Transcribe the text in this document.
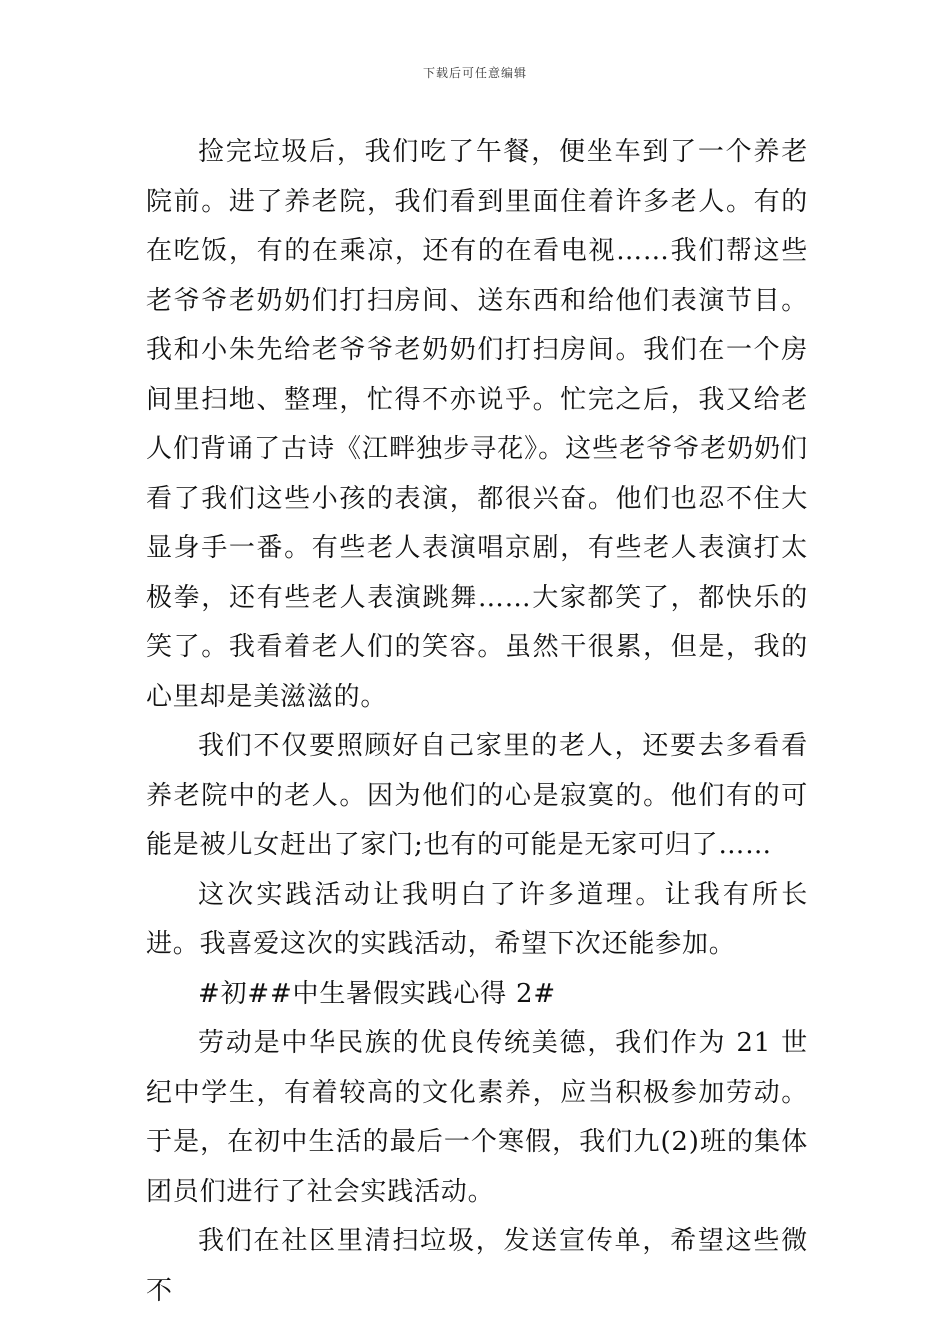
下载后可任意编辑

捡完垃圾后，我们吃了午餐，便坐车到了一个养老院前。进了养老院，我们看到里面住着许多老人。有的在吃饭，有的在乘凉，还有的在看电视……我们帮这些老爷爷老奶奶们打扫房间、送东西和给他们表演节目。我和小朱先给老爷爷老奶奶们打扫房间。我们在一个房间里扫地、整理，忙得不亦说乎。忙完之后，我又给老人们背诵了古诗《江畔独步寻花》。这些老爷爷老奶奶们看了我们这些小孩的表演，都很兴奋。他们也忍不住大显身手一番。有些老人表演唱京剧，有些老人表演打太极拳，还有些老人表演跳舞……大家都笑了，都快乐的笑了。我看着老人们的笑容。虽然干很累，但是，我的心里却是美滋滋的。

我们不仅要照顾好自己家里的老人，还要去多看看养老院中的老人。因为他们的心是寂寞的。他们有的可能是被儿女赶出了家门;也有的可能是无家可归了……

这次实践活动让我明白了许多道理。让我有所长进。我喜爱这次的实践活动，希望下次还能参加。

#初##中生暑假实践心得 2#

劳动是中华民族的优良传统美德，我们作为 21 世纪中学生，有着较高的文化素养，应当积极参加劳动。于是，在初中生活的最后一个寒假，我们九(2)班的集体团员们进行了社会实践活动。

我们在社区里清扫垃圾，发送宣传单，希望这些微不
